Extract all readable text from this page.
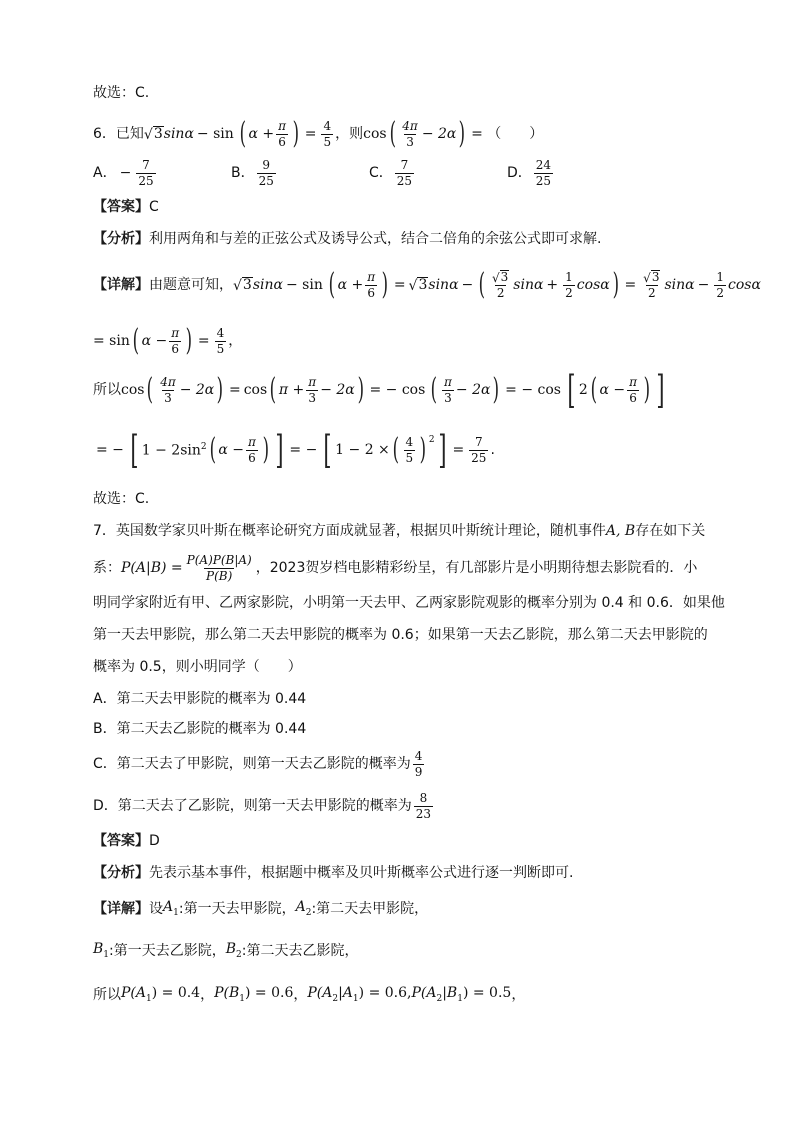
故选：C.
6．已知 √ 3 sinα − sin ( $\alpha + \frac{\pi}{6}$ ) = $\frac{4}{5}$ ，则 cos ( $\frac{4\pi}{3} - 2\alpha$ ) = （　　）
A． − $\frac{7}{25}$	B． $\frac{9}{25}$	C． $\frac{7}{25}$	D． $\frac{24}{25}$
【答案】 C
【分析】 利用两角和与差的正弦公式及诱导公式，结合二倍角的余弦公式即可求解.
【详解】 由题意可知， √ 3 sinα − sin ( $\alpha + \frac{\pi}{6}$ ) = √ 3 sinα − ( $\frac{√ 3}{2}$ $\sin\alpha + \frac{1}{2}$ cosα ) = $\frac{√ 3}{2}$ $\sin\alpha - \frac{1}{2}$ cosα
= sin ( $\alpha - \frac{\pi}{6}$ ) = $\frac{4}{5}$ ，
所以 cos ( $\frac{4\pi}{3} - 2\alpha$ ) = cos ( $\pi + \frac{\pi}{3} - 2\alpha$ ) = − cos ( $\frac{\pi}{3} - 2\alpha$ ) = − cos [ 2 ( $\alpha - \frac{\pi}{6}$ ) ]
= − [ $1 - 2\sin^2$ ( $\alpha - \frac{\pi}{6}$ ) ] = − [ 1 − 2 × ( $\frac{4}{5}$ ) 2 ] = $\frac{7}{25}$ .
故选：C.
7．英国数学家贝叶斯在概率论研究方面成就显著，根据贝叶斯统计理论，随机事件 A, B 存在如下关
系： $P(A|B) = \frac{P(A)P(B|A)}{P(B)}$ ，2023贺岁档电影精彩纷呈，有几部影片是小明期待想去影院看的．小
明同学家附近有甲、乙两家影院，小明第一天去甲、乙两家影院观影的概率分别为 0.4 和 0.6．如果他
第一天去甲影院，那么第二天去甲影院的概率为 0.6；如果第一天去乙影院，那么第二天去甲影院的
概率为 0.5，则小明同学（　　）
A．第二天去甲影院的概率为 0.44
B．第二天去乙影院的概率为 0.44
C．第二天去了甲影院，则第一天去乙影院的概率为 $\frac{4}{9}$
D．第二天去了乙影院，则第一天去甲影院的概率为 $\frac{8}{23}$
【答案】 D
【分析】 先表示基本事件，根据题中概率及贝叶斯概率公式进行逐一判断即可.
【详解】 设 $A_1$ :第一天去甲影院， $A_2$ :第二天去甲影院，
$B_1$ :第一天去乙影院， $B_2$ :第二天去乙影院，
所以 $P(A_1) = 0.4$ ， $P(B_1) = 0.6$ ， $P(A_2|A_1) = 0.6$, $P(A_2|B_1) = 0.5$ ，
